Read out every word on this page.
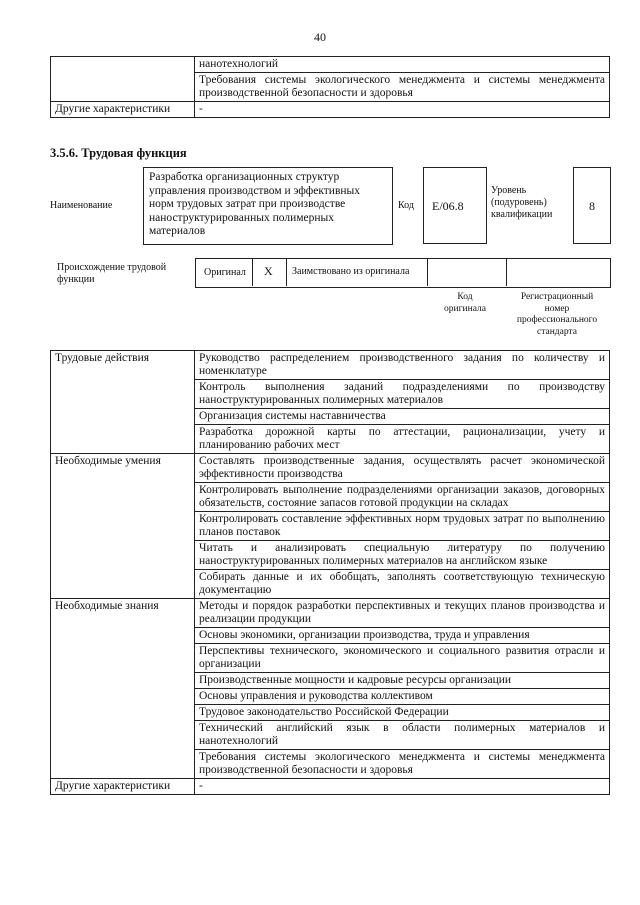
40
	нанотехнологий
	Требования системы экологического менеджмента и системы менеджмента производственной безопасности и здоровья
Другие характеристики	-
3.5.6. Трудовая функция
Наименование
Разработка организационных структур управления производством и эффективных норм трудовых затрат при производстве наноструктурированных полимерных материалов
Код E/06.8
Уровень (подуровень) квалификации
8
Происхождение трудовой функции
Оригинал X Заимствовано из оригинала
Код оригинала
Регистрационный номер профессионального стандарта
Трудовые действия	Руководство распределением производственного задания по количеству и номенклатуре
	Контроль выполнения заданий подразделениями по производству наноструктурированных полимерных материалов
	Организация системы наставничества
	Разработка дорожной карты по аттестации, рационализации, учету и планированию рабочих мест
Необходимые умения	Составлять производственные задания, осуществлять расчет экономической эффективности производства
	Контролировать выполнение подразделениями организации заказов, договорных обязательств, состояние запасов готовой продукции на складах
	Контролировать составление эффективных норм трудовых затрат по выполнению планов поставок
	Читать и анализировать специальную литературу по получению наноструктурированных полимерных материалов на английском языке
	Собирать данные и их обобщать, заполнять соответствующую техническую документацию
Необходимые знания	Методы и порядок разработки перспективных и текущих планов производства и реализации продукции
	Основы экономики, организации производства, труда и управления
	Перспективы технического, экономического и социального развития отрасли и организации
	Производственные мощности и кадровые ресурсы организации
	Основы управления и руководства коллективом
	Трудовое законодательство Российской Федерации
	Технический английский язык в области полимерных материалов и нанотехнологий
	Требования системы экологического менеджмента и системы менеджмента производственной безопасности и здоровья
Другие характеристики	-
